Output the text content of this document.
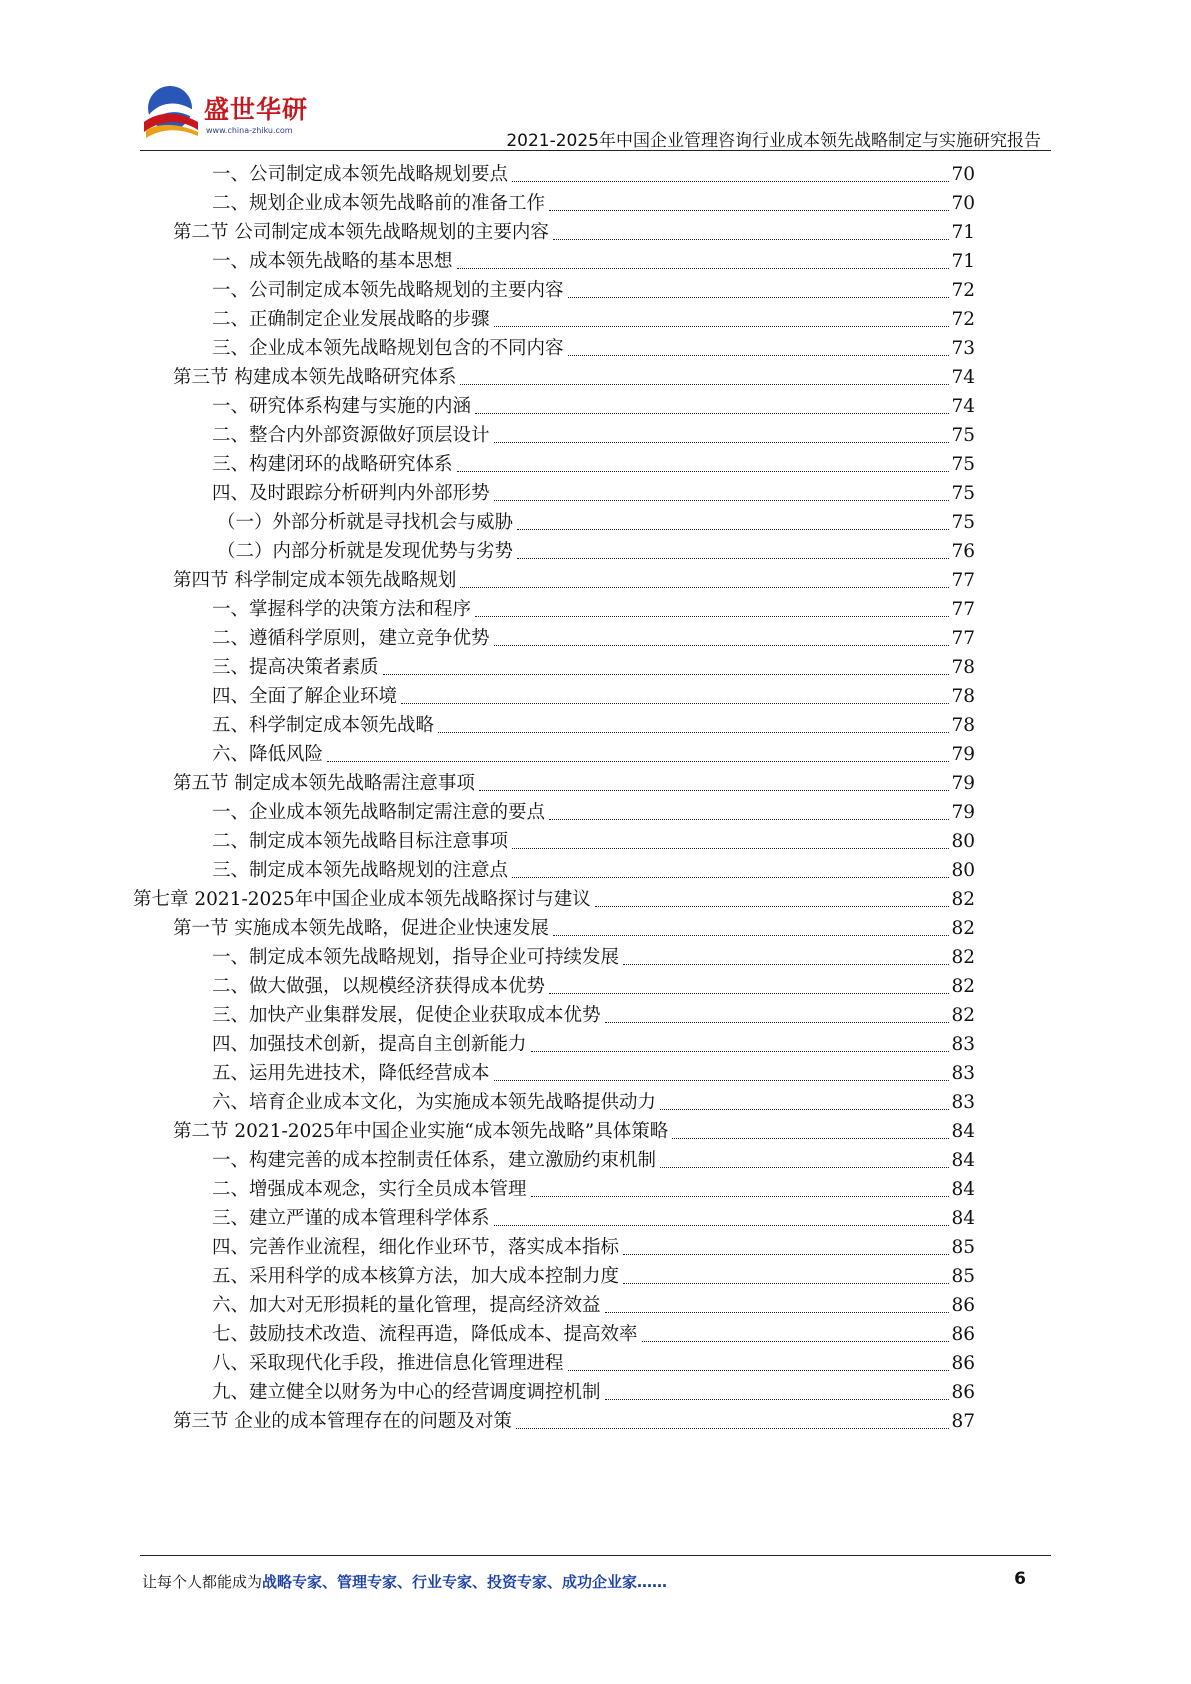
盛世华研
www.china-zhiku.com
2021-2025年中国企业管理咨询行业成本领先战略制定与实施研究报告
一、公司制定成本领先战略规划要点	70
二、规划企业成本领先战略前的准备工作	70
第二节 公司制定成本领先战略规划的主要内容	71
一、成本领先战略的基本思想	71
一、公司制定成本领先战略规划的主要内容	72
二、正确制定企业发展战略的步骤	72
三、企业成本领先战略规划包含的不同内容	73
第三节 构建成本领先战略研究体系	74
一、研究体系构建与实施的内涵	74
二、整合内外部资源做好顶层设计	75
三、构建闭环的战略研究体系	75
四、及时跟踪分析研判内外部形势	75
（一）外部分析就是寻找机会与威胁	75
（二）内部分析就是发现优势与劣势	76
第四节 科学制定成本领先战略规划	77
一、掌握科学的决策方法和程序	77
二、遵循科学原则，建立竞争优势	77
三、提高决策者素质	78
四、全面了解企业环境	78
五、科学制定成本领先战略	78
六、降低风险	79
第五节 制定成本领先战略需注意事项	79
一、企业成本领先战略制定需注意的要点	79
二、制定成本领先战略目标注意事项	80
三、制定成本领先战略规划的注意点	80
第七章 2021-2025年中国企业成本领先战略探讨与建议	82
第一节 实施成本领先战略，促进企业快速发展	82
一、制定成本领先战略规划，指导企业可持续发展	82
二、做大做强，以规模经济获得成本优势	82
三、加快产业集群发展，促使企业获取成本优势	82
四、加强技术创新，提高自主创新能力	83
五、运用先进技术，降低经营成本	83
六、培育企业成本文化，为实施成本领先战略提供动力	83
第二节 2021-2025年中国企业实施“成本领先战略”具体策略	84
一、构建完善的成本控制责任体系，建立激励约束机制	84
二、增强成本观念，实行全员成本管理	84
三、建立严谨的成本管理科学体系	84
四、完善作业流程，细化作业环节，落实成本指标	85
五、采用科学的成本核算方法，加大成本控制力度	85
六、加大对无形损耗的量化管理，提高经济效益	86
七、鼓励技术改造、流程再造，降低成本、提高效率	86
八、采取现代化手段，推进信息化管理进程	86
九、建立健全以财务为中心的经营调度调控机制	86
第三节 企业的成本管理存在的问题及对策	87
让每个人都能成为战略专家、管理专家、行业专家、投资专家、成功企业家……	6
